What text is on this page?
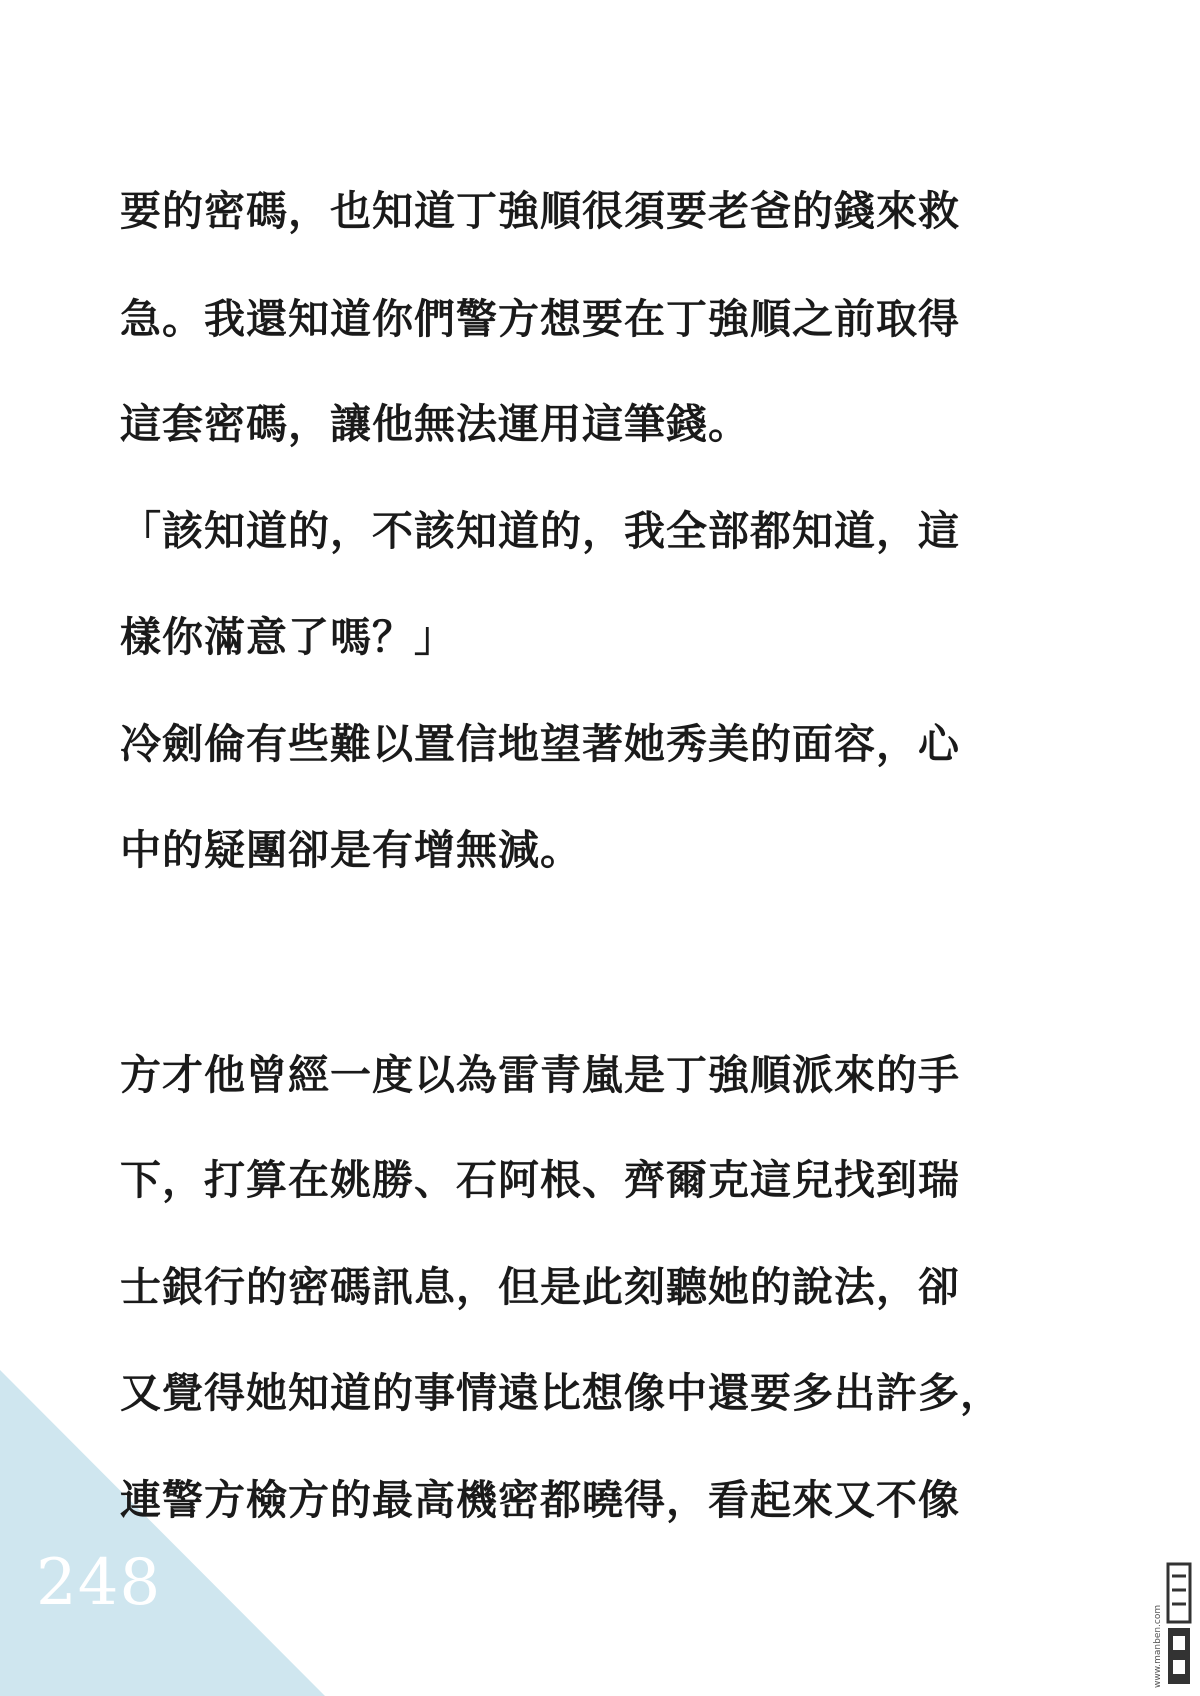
要的密碼，也知道丁強順很須要老爸的錢來救
急。我還知道你們警方想要在丁強順之前取得
這套密碼，讓他無法運用這筆錢。
「該知道的，不該知道的，我全部都知道，這
樣你滿意了嗎？」
冷劍倫有些難以置信地望著她秀美的面容，心
中的疑團卻是有增無減。
方才他曾經一度以為雷青嵐是丁強順派來的手
下，打算在姚勝、石阿根、齊爾克這兒找到瑞
士銀行的密碼訊息，但是此刻聽她的說法，卻
又覺得她知道的事情遠比想像中還要多出許多，
連警方檢方的最高機密都曉得，看起來又不像
248
www.manben.com
